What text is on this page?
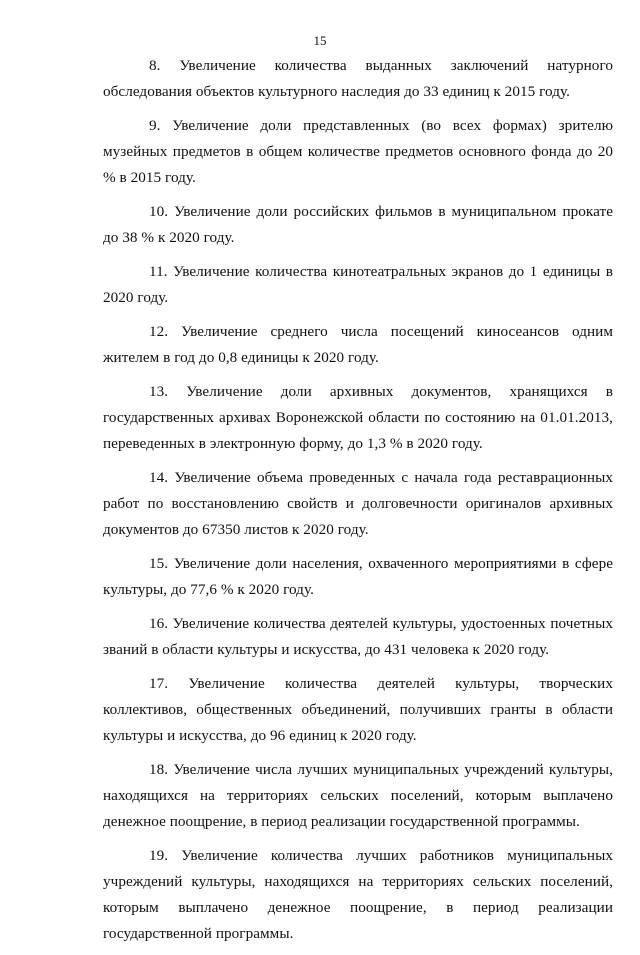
15

8. Увеличение количества выданных заключений натурного обследования объектов культурного наследия до 33 единиц к 2015 году.

9. Увеличение доли представленных (во всех формах) зрителю музейных предметов в общем количестве предметов основного фонда до 20 % в 2015 году.

10. Увеличение доли российских фильмов в муниципальном прокате до 38 % к 2020 году.

11. Увеличение количества кинотеатральных экранов до 1 единицы в 2020 году.

12. Увеличение среднего числа посещений киносеансов одним жителем в год до 0,8 единицы к 2020 году.

13. Увеличение доли архивных документов, хранящихся в государственных архивах Воронежской области по состоянию на 01.01.2013, переведенных в электронную форму, до 1,3 % в 2020 году.

14. Увеличение объема проведенных с начала года реставрационных работ по восстановлению свойств и долговечности оригиналов архивных документов до 67350 листов к 2020 году.

15. Увеличение доли населения, охваченного мероприятиями в сфере культуры, до 77,6 % к 2020 году.

16. Увеличение количества деятелей культуры, удостоенных почетных званий в области культуры и искусства, до 431 человека к 2020 году.

17. Увеличение количества деятелей культуры, творческих коллективов, общественных объединений, получивших гранты в области культуры и искусства, до 96 единиц к 2020 году.

18. Увеличение числа лучших муниципальных учреждений культуры, находящихся на территориях сельских поселений, которым выплачено денежное поощрение, в период реализации государственной программы.

19. Увеличение количества лучших работников муниципальных учреждений культуры, находящихся на территориях сельских поселений, которым выплачено денежное поощрение, в период реализации государственной программы.
